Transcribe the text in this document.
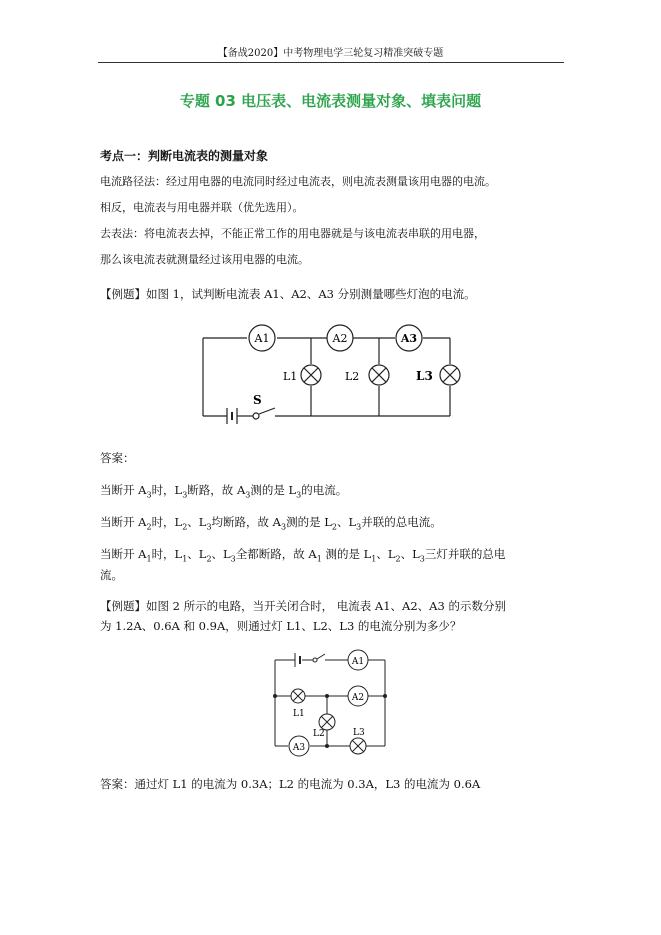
【备战2020】中考物理电学三轮复习精准突破专题
专题 03 电压表、电流表测量对象、填表问题
考点一：判断电流表的测量对象
电流路径法：经过用电器的电流同时经过电流表，则电流表测量该用电器的电流。
相反，电流表与用电器并联（优先选用）。
去表法：将电流表去掉，不能正常工作的用电器就是与该电流表串联的用电器，
那么该电流表就测量经过该用电器的电流。
【例题】如图 1，试判断电流表 A1、A2、A3 分别测量哪些灯泡的电流。
S
A1	A2	A3
L1	L2	L3
答案：
当断开 $A_3$时，$L_3$断路，故 $A_3$测的是 $L_3$的电流。
当断开 $A_2$时，$L_2$、$L_3$均断路，故 $A_3$测的是 $L_2$、$L_3$并联的总电流。
当断开 $A_1$时，$L_1$、$L_2$、$L_3$全都断路，故 $A_1$ 测的是 $L_1$、$L_2$、$L_3$三灯并联的总电
流。
【例题】如图 2 所示的电路，当开关闭合时， 电流表 A1、A2、A3 的示数分别
为 1.2A、0.6A 和 0.9A，则通过灯 L1、L2、L3 的电流分别为多少？
A1
A2
A3
L1
L2	L3
答案：通过灯 L1 的电流为 0.3A；L2 的电流为 0.3A，L3 的电流为 0.6A
